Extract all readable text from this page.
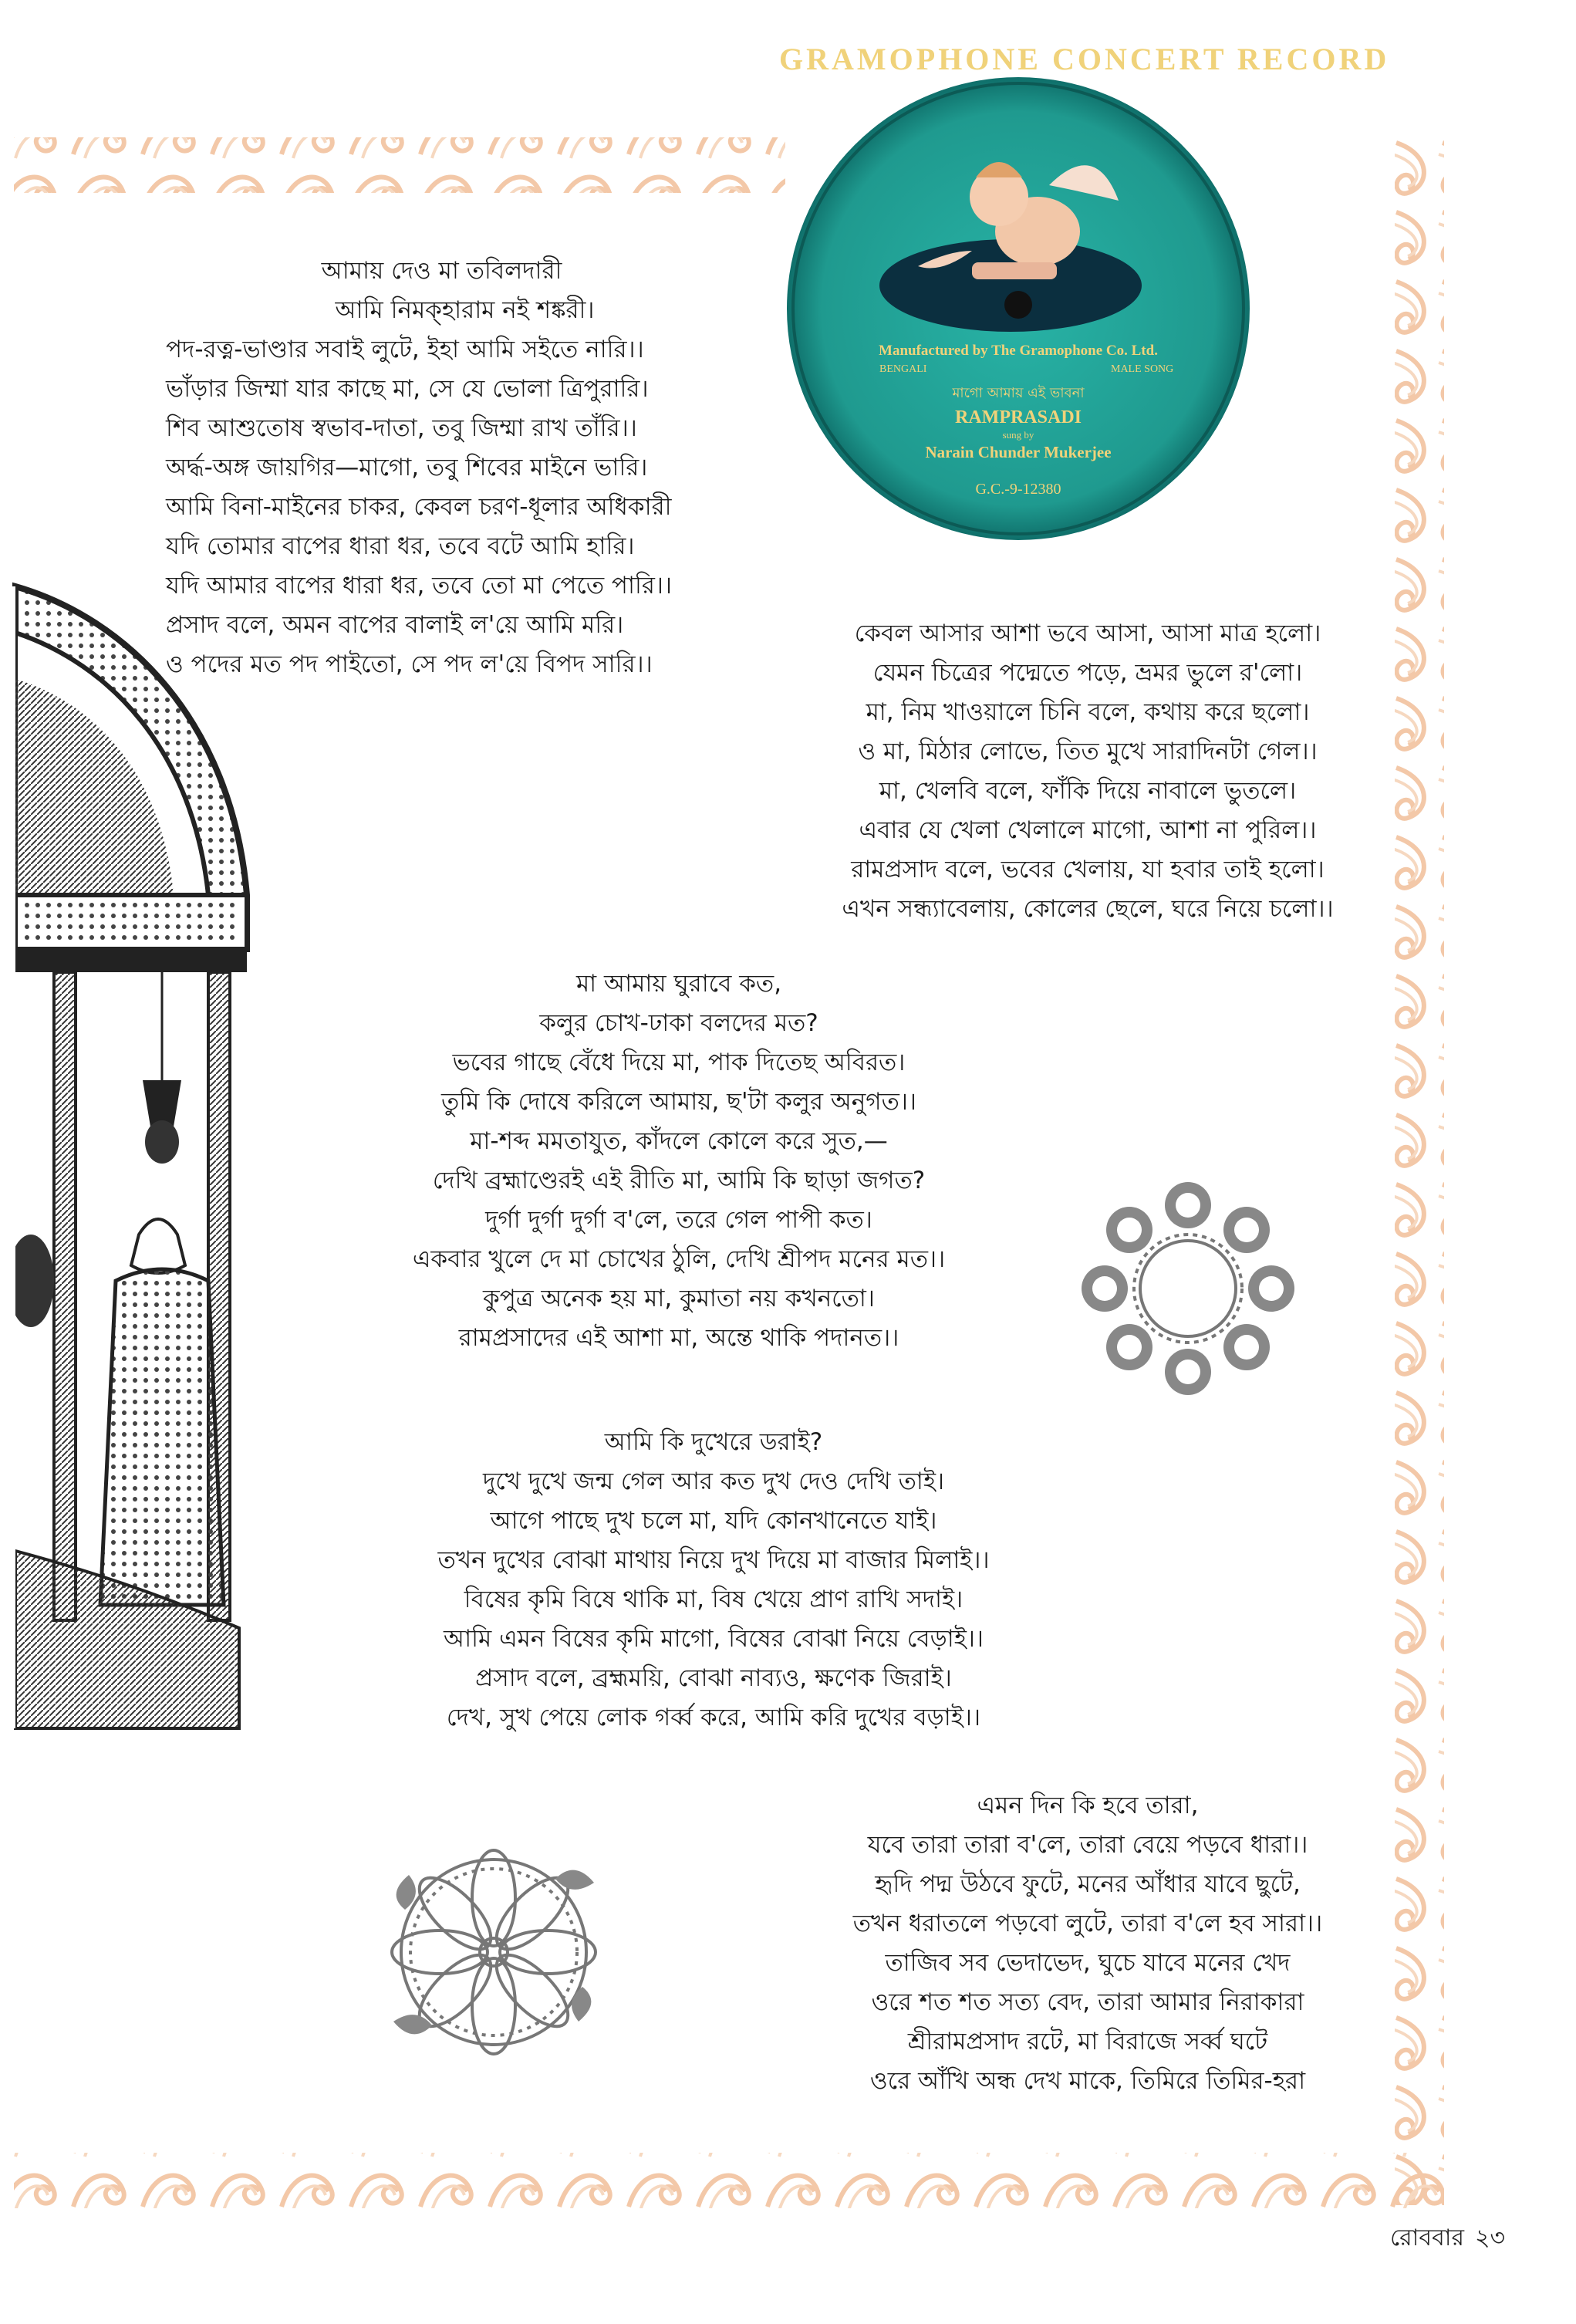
GRAMOPHONE CONCERT RECORD
Manufactured by The Gramophone Co. Ltd.
BENGALI	MALE SONG
মাগো আমায় এই ভাবনা
RAMPRASADI
sung by
Narain Chunder Mukerjee
G.C.-9-12380
আমায় দেও মা তবিলদারী
আমি নিমক্‌হারাম নই শঙ্করী।
পদ-রত্ন-ভাণ্ডার সবাই লুটে, ইহা আমি সইতে নারি।।
ভাঁড়ার জিম্মা যার কাছে মা, সে যে ভোলা ত্রিপুরারি।
শিব আশুতোষ স্বভাব-দাতা, তবু জিম্মা রাখ তাঁরি।।
অর্দ্ধ-অঙ্গ জায়গির—মাগো, তবু শিবের মাইনে ভারি।
আমি বিনা-মাইনের চাকর, কেবল চরণ-ধূলার অধিকারী
যদি তোমার বাপের ধারা ধর, তবে বটে আমি হারি।
যদি আমার বাপের ধারা ধর, তবে তো মা পেতে পারি।।
প্রসাদ বলে, অমন বাপের বালাই ল'য়ে আমি মরি।
ও পদের মত পদ পাইতো, সে পদ ল'য়ে বিপদ সারি।।
কেবল আসার আশা ভবে আসা, আসা মাত্র হলো।
যেমন চিত্রের পদ্মেতে পড়ে, ভ্রমর ভুলে র'লো।
মা, নিম খাওয়ালে চিনি বলে, কথায় করে ছলো।
ও মা, মিঠার লোভে, তিত মুখে সারাদিনটা গেল।।
মা, খেলবি বলে, ফাঁকি দিয়ে নাবালে ভুতলে।
এবার যে খেলা খেলালে মাগো, আশা না পুরিল।।
রামপ্রসাদ বলে, ভবের খেলায়, যা হবার তাই হলো।
এখন সন্ধ্যাবেলায়, কোলের ছেলে, ঘরে নিয়ে চলো।।
মা আমায় ঘুরাবে কত,
কলুর চোখ-ঢাকা বলদের মত?
ভবের গাছে বেঁধে দিয়ে মা, পাক দিতেছ অবিরত।
তুমি কি দোষে করিলে আমায়, ছ'টা কলুর অনুগত।।
মা-শব্দ মমতাযুত, কাঁদলে কোলে করে সুত,—
দেখি ব্রহ্মাণ্ডেরই এই রীতি মা, আমি কি ছাড়া জগত?
দুর্গা দুর্গা দুর্গা ব'লে, তরে গেল পাপী কত।
একবার খুলে দে মা চোখের ঠুলি, দেখি শ্রীপদ মনের মত।।
কুপুত্র অনেক হয় মা, কুমাতা নয় কখনতো।
রামপ্রসাদের এই আশা মা, অন্তে থাকি পদানত।।
আমি কি দুখেরে ডরাই?
দুখে দুখে জন্ম গেল আর কত দুখ দেও দেখি তাই।
আগে পাছে দুখ চলে মা, যদি কোনখানেতে যাই।
তখন দুখের বোঝা মাথায় নিয়ে দুখ দিয়ে মা বাজার মিলাই।।
বিষের কৃমি বিষে থাকি মা, বিষ খেয়ে প্রাণ রাখি সদাই।
আমি এমন বিষের কৃমি মাগো, বিষের বোঝা নিয়ে বেড়াই।।
প্রসাদ বলে, ব্রহ্মময়ি, বোঝা নাব্যও, ক্ষণেক জিরাই।
দেখ, সুখ পেয়ে লোক গর্ব্ব করে, আমি করি দুখের বড়াই।।
এমন দিন কি হবে তারা,
যবে তারা তারা ব'লে, তারা বেয়ে পড়বে ধারা।।
হৃদি পদ্ম উঠবে ফুটে, মনের আঁধার যাবে ছুটে,
তখন ধরাতলে পড়বো লুটে, তারা ব'লে হব সারা।।
তাজিব সব ভেদাভেদ, ঘুচে যাবে মনের খেদ
ওরে শত শত সত্য বেদ, তারা আমার নিরাকারা
শ্রীরামপ্রসাদ রটে, মা বিরাজে সর্ব্ব ঘটে
ওরে আঁখি অন্ধ দেখ মাকে, তিমিরে তিমির-হরা
রোববার ২৩
